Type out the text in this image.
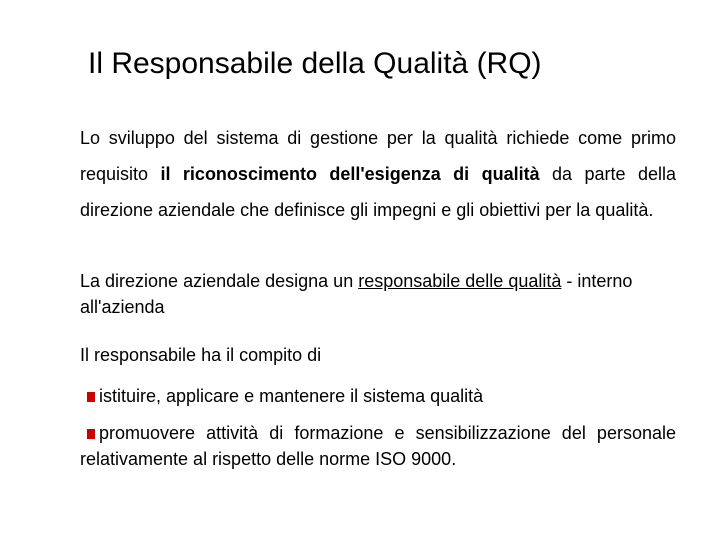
Il Responsabile della Qualità (RQ)
Lo sviluppo del sistema di gestione per la qualità richiede come primo requisito il riconoscimento dell'esigenza di qualità da parte della direzione aziendale che definisce gli impegni e gli obiettivi per la qualità.
La direzione aziendale designa un responsabile delle qualità - interno all'azienda
Il responsabile ha il compito di
istituire, applicare e mantenere il sistema qualità
promuovere attività di formazione e sensibilizzazione del personale relativamente al rispetto delle norme ISO 9000.
